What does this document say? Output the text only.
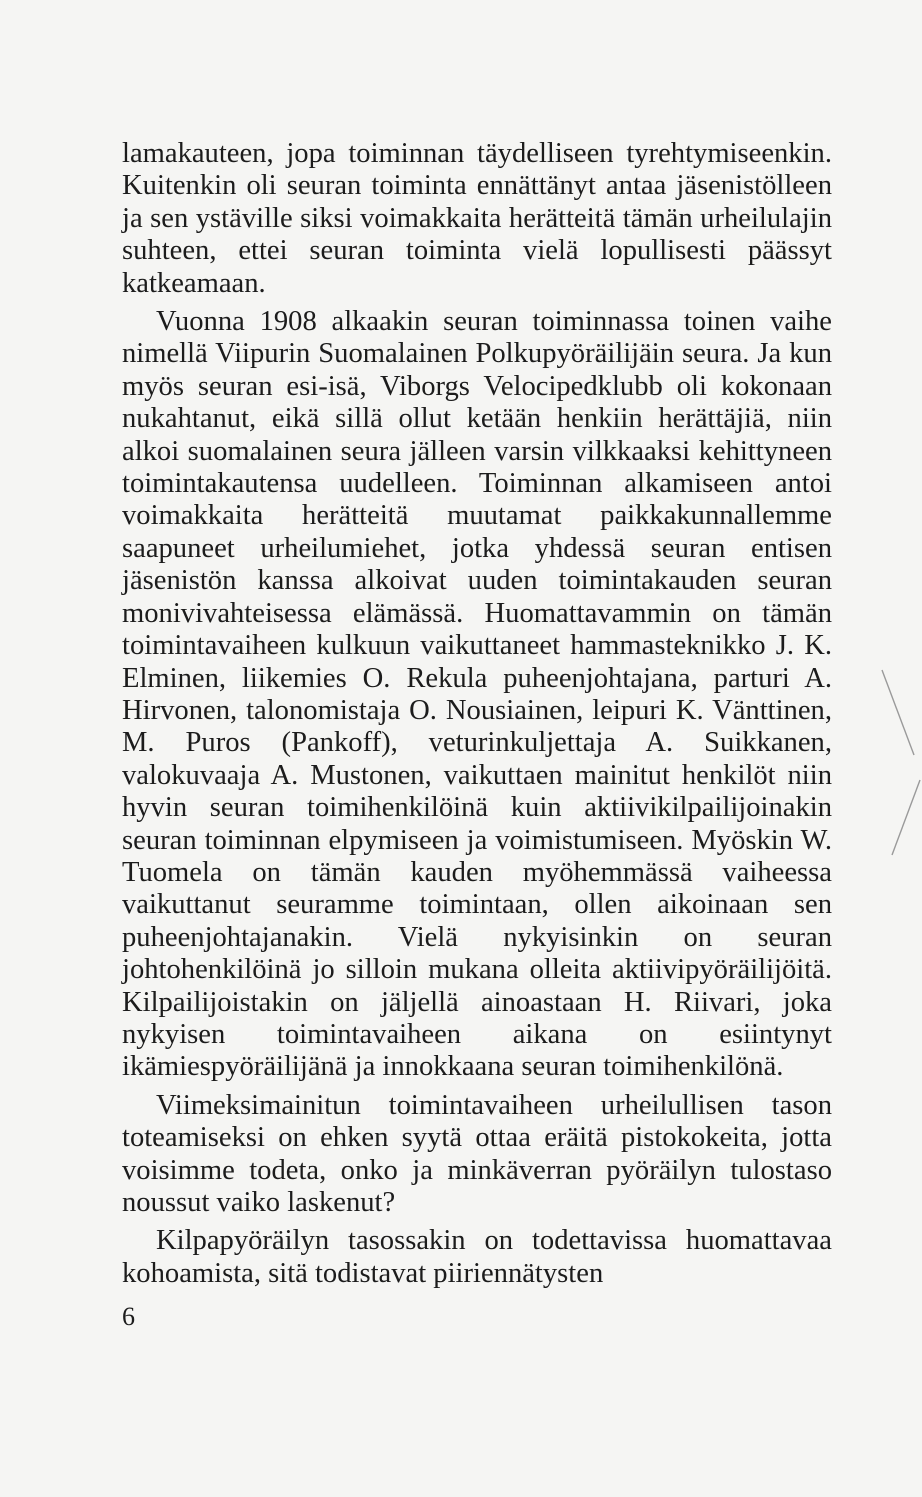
lamakauteen, jopa toiminnan täydelliseen tyrehtymiseenkin. Kuitenkin oli seuran toiminta ennättänyt antaa jäsenistölleen ja sen ystäville siksi voimakkaita herätteitä tämän urheilulajin suhteen, ettei seuran toiminta vielä lopullisesti päässyt katkeamaan.

Vuonna 1908 alkaakin seuran toiminnassa toinen vaihe nimellä Viipurin Suomalainen Polkupyöräilijäin seura. Ja kun myös seuran esi-isä, Viborgs Velocipedklubb oli kokonaan nukahtanut, eikä sillä ollut ketään henkiin herättäjiä, niin alkoi suomalainen seura jälleen varsin vilkkaaksi kehittyneen toimintakautensa uudelleen. Toiminnan alkamiseen antoi voimakkaita herätteitä muutamat paikkakunnallemme saapuneet urheilumiehet, jotka yhdessä seuran entisen jäsenistön kanssa alkoivat uuden toimintakauden seuran monivivahteisessa elämässä. Huomattavammin on tämän toimintavaiheen kulkuun vaikuttaneet hammasteknikko J. K. Elminen, liikemies O. Rekula puheenjohtajana, parturi A. Hirvonen, talonomistaja O. Nousiainen, leipuri K. Vänttinen, M. Puros (Pankoff), veturinkuljettaja A. Suikkanen, valokuvaaja A. Mustonen, vaikuttaen mainitut henkilöt niin hyvin seuran toimihenkilöinä kuin aktiivikilpailijoinakin seuran toiminnan elpymiseen ja voimistumiseen. Myöskin W. Tuomela on tämän kauden myöhemmässä vaiheessa vaikuttanut seuramme toimintaan, ollen aikoinaan sen puheenjohtajanakin. Vielä nykyisinkin on seuran johtohenkilöinä jo silloin mukana olleita aktiivipyöräilijöitä. Kilpailijoistakin on jäljellä ainoastaan H. Riivari, joka nykyisen toimintavaiheen aikana on esiintynyt ikämiespyöräilijänä ja innokkaana seuran toimihenkilönä.

Viimeksimainitun toimintavaiheen urheilullisen tason toteamiseksi on ehken syytä ottaa eräitä pistokokeita, jotta voisimme todeta, onko ja minkäverran pyöräilyn tulostaso noussut vaiko laskenut?

Kilpapyöräilyn tasossakin on todettavissa huomattavaa kohoamista, sitä todistavat piiriennätysten

6
